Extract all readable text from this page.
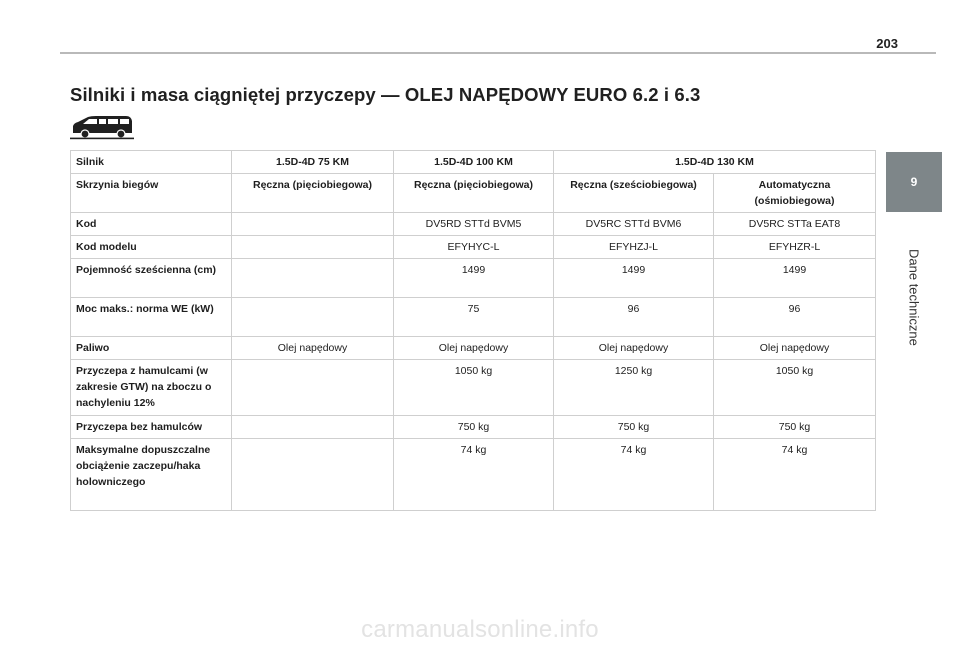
203
Silniki i masa ciągniętej przyczepy — OLEJ NAPĘDOWY EURO 6.2 i 6.3
9
Dane techniczne
Silnik	1.5D-4D 75 KM	1.5D-4D 100 KM	1.5D-4D 130 KM	
Skrzynia biegów	Ręczna (pięciobiegowa)	Ręczna (pięciobiegowa)	Ręczna (sześciobiegowa)	Automatyczna (ośmiobiegowa)
Kod		DV5RD STTd BVM5	DV5RC STTd BVM6	DV5RC STTa EAT8
Kod modelu		EFYHYC-L	EFYHZJ-L	EFYHZR-L
Pojemność sześcienna (cm)		1499	1499	1499
Moc maks.: norma WE (kW)		75	96	96
Paliwo	Olej napędowy	Olej napędowy	Olej napędowy	Olej napędowy
Przyczepa z hamulcami (w zakresie GTW) na zboczu o nachyleniu 12%		1050 kg	1250 kg	1050 kg
Przyczepa bez hamulców		750 kg	750 kg	750 kg
Maksymalne dopuszczalne obciążenie zaczepu/haka holowniczego		74 kg	74 kg	74 kg
carmanualsonline.info
